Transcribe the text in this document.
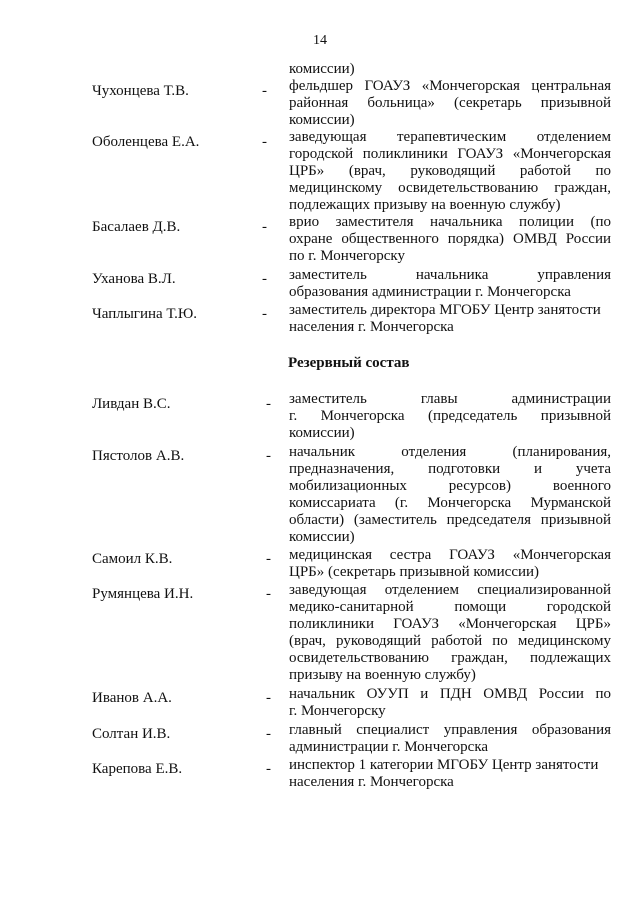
14
комиссии)
Чухонцева Т.В.	- фельдшер ГОАУЗ «Мончегорская центральная
районная больница» (секретарь призывной
комиссии)
Оболенцева Е.А.	- заведующая терапевтическим отделением
городской поликлиники ГОАУЗ «Мончегорская
ЦРБ» (врач, руководящий работой по
медицинскому освидетельствованию граждан,
подлежащих призыву на военную службу)
Басалаев Д.В.	- врио заместителя начальника полиции (по
охране общественного порядка) ОМВД России
по г. Мончегорску
Уханова В.Л.	- заместитель начальника управления
образования администрации г. Мончегорска
Чаплыгина Т.Ю.	- заместитель директора МГОБУ Центр занятости
населения г. Мончегорска
Резервный состав
Ливдан В.С.	- заместитель главы администрации
г. Мончегорска (председатель призывной
комиссии)
Пястолов А.В.	- начальник отделения (планирования,
предназначения, подготовки и учета
мобилизационных ресурсов) военного
комиссариата (г. Мончегорска Мурманской
области) (заместитель председателя призывной
комиссии)
Самоил К.В.	- медицинская сестра ГОАУЗ «Мончегорская
ЦРБ» (секретарь призывной комиссии)
Румянцева И.Н.	- заведующая отделением специализированной
медико-санитарной помощи городской
поликлиники ГОАУЗ «Мончегорская ЦРБ»
(врач, руководящий работой по медицинскому
освидетельствованию граждан, подлежащих
призыву на военную службу)
Иванов А.А.	- начальник ОУУП и ПДН ОМВД России по
г. Мончегорску
Солтан И.В.	- главный специалист управления образования
администрации г. Мончегорска
Карепова Е.В.	- инспектор 1 категории МГОБУ Центр занятости
населения г. Мончегорска
